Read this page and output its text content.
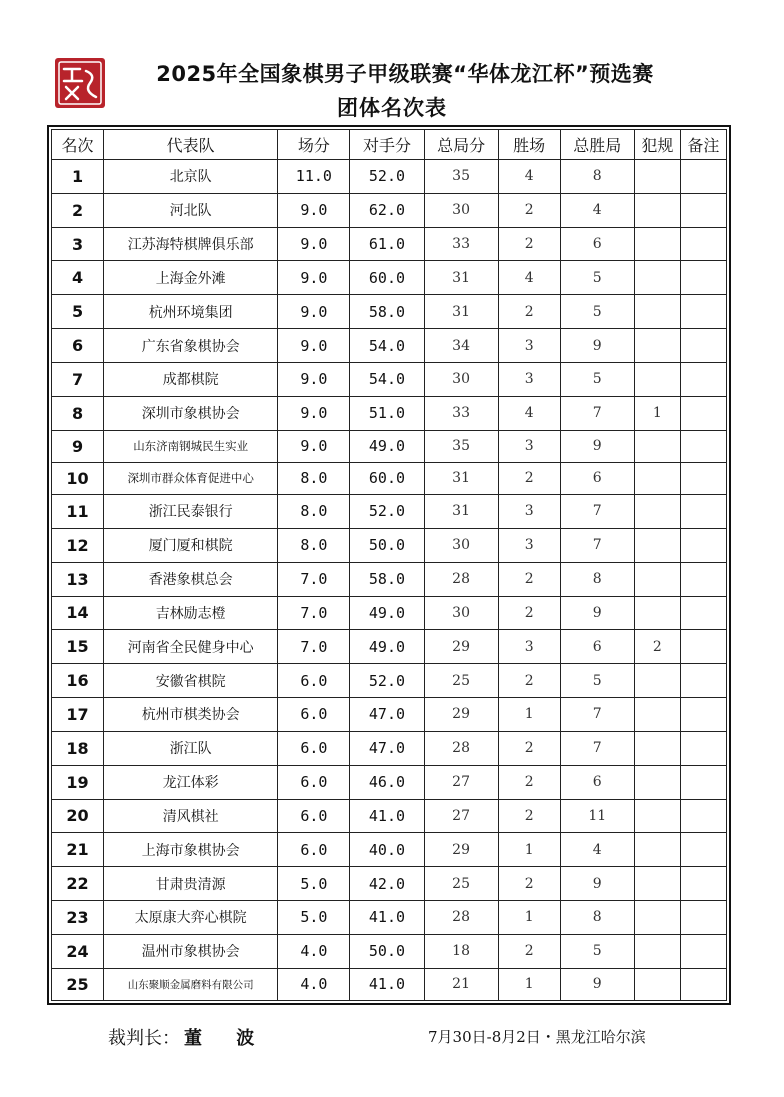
2025年全国象棋男子甲级联赛“华体龙江杯”预选赛
团体名次表
名次	代表队	场分	对手分	总局分	胜场	总胜局	犯规	备注
1	北京队	11.0	52.0	35	4	8		
2	河北队	9.0	62.0	30	2	4		
3	江苏海特棋牌俱乐部	9.0	61.0	33	2	6		
4	上海金外滩	9.0	60.0	31	4	5		
5	杭州环境集团	9.0	58.0	31	2	5		
6	广东省象棋协会	9.0	54.0	34	3	9		
7	成都棋院	9.0	54.0	30	3	5		
8	深圳市象棋协会	9.0	51.0	33	4	7	1	
9	山东济南钢城民生实业	9.0	49.0	35	3	9		
10	深圳市群众体育促进中心	8.0	60.0	31	2	6		
11	浙江民泰银行	8.0	52.0	31	3	7		
12	厦门厦和棋院	8.0	50.0	30	3	7		
13	香港象棋总会	7.0	58.0	28	2	8		
14	吉林励志橙	7.0	49.0	30	2	9		
15	河南省全民健身中心	7.0	49.0	29	3	6	2	
16	安徽省棋院	6.0	52.0	25	2	5		
17	杭州市棋类协会	6.0	47.0	29	1	7		
18	浙江队	6.0	47.0	28	2	7		
19	龙江体彩	6.0	46.0	27	2	6		
20	清风棋社	6.0	41.0	27	2	11		
21	上海市象棋协会	6.0	40.0	29	1	4		
22	甘肃贵清源	5.0	42.0	25	2	9		
23	太原康大弈心棋院	5.0	41.0	28	1	8		
24	温州市象棋协会	4.0	50.0	18	2	5		
25	山东聚顺金属磨料有限公司	4.0	41.0	21	1	9		
裁判长： 董 波	7月30日-8月2日・黑龙江哈尔滨
